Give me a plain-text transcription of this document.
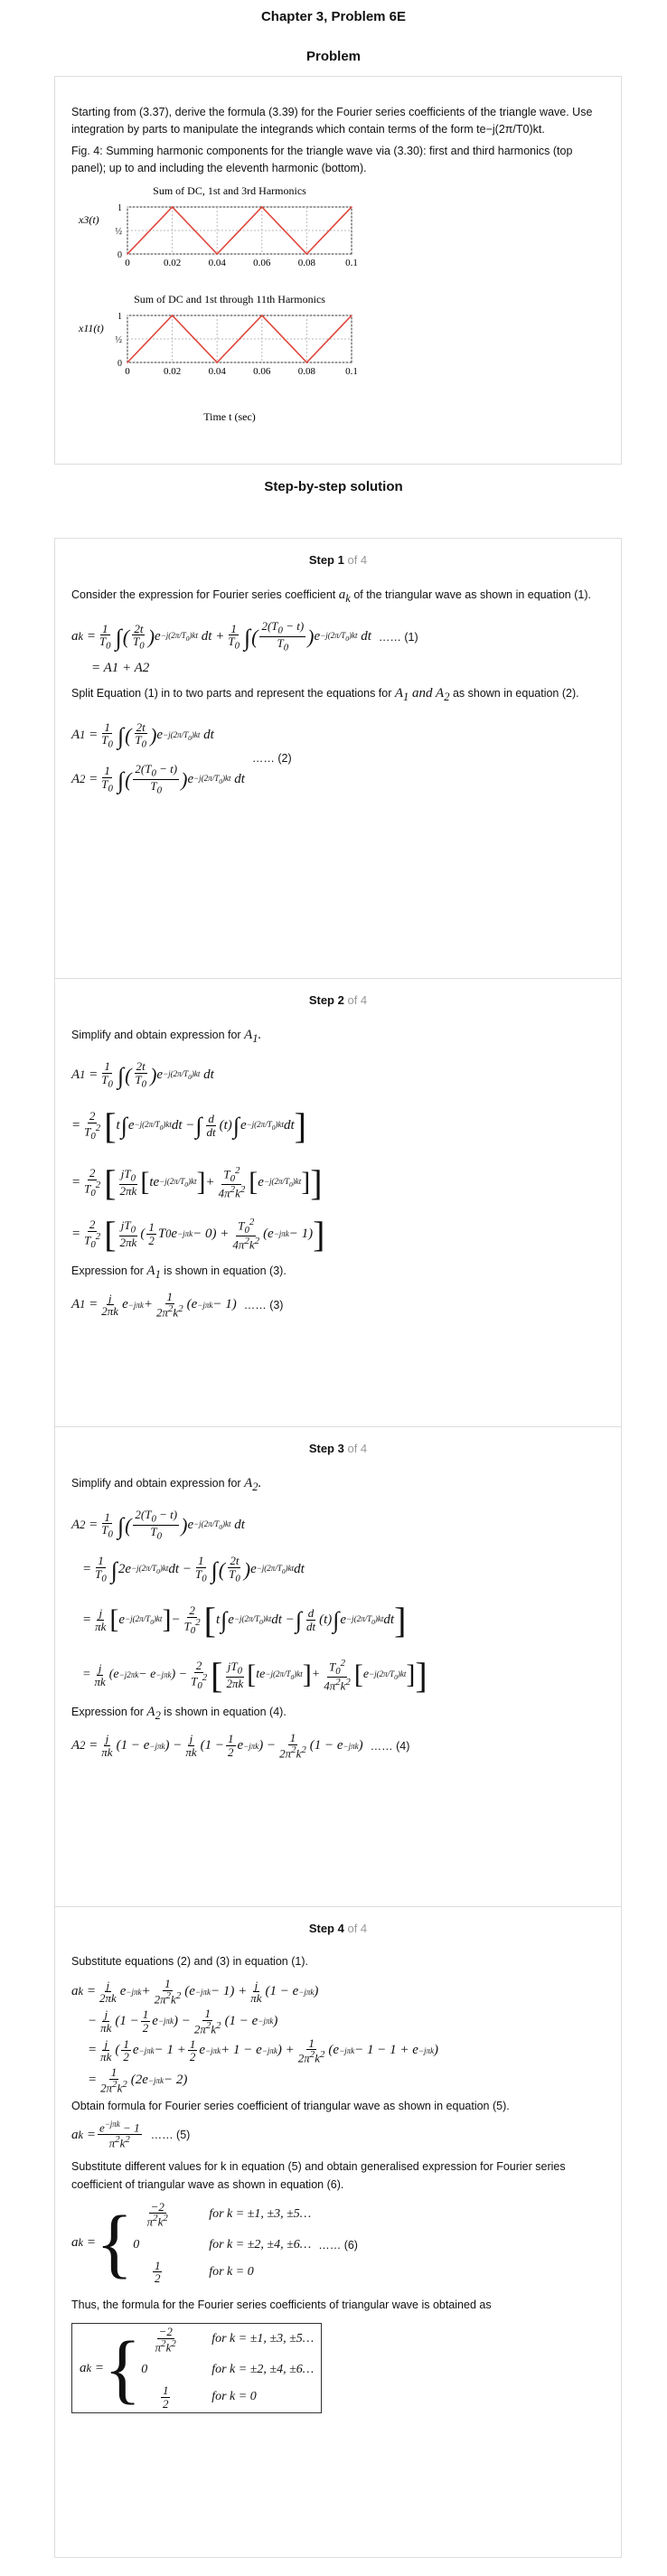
Chapter 3, Problem 6E
Problem

Starting from (3.37), derive the formula (3.39) for the Fourier series coefficients of the triangle wave. Use integration by parts to manipulate the integrands which contain terms of the form te−j(2π/T0)kt.

Fig. 4: Summing harmonic components for the triangle wave via (3.30): first and third harmonics (top panel); up to and including the eleventh harmonic (bottom).

Sum of DC, 1st and 3rd Harmonics
x3(t)
0	0.02	0.04	0.06	0.08	0.1
1
½
0
Sum of DC and 1st through 11th Harmonics
x11(t)
0	0.02	0.04	0.06	0.08	0.1
1
½
0
Time t (sec)
Step-by-step solution
Step 1 of 4

Consider the expression for Fourier series coefficient $a_k$ of the triangular wave as shown in equation (1).

a $k = \frac{1}{T_0}$ ∫ ( $\frac{2t}{T_0}$ ) $e -j(2\pi/T_0)kt$ dt + $\frac{1}{T_0}$ ∫ ( $\frac{2(T_0 - t)}{T_0}$ ) $e -j(2\pi/T_0)kt$ dt …… (1)
= A1 + A2

Split Equation (1) in to two parts and represent the equations for $A_1$ and $A_2$ as shown in equation (2).

A $1 = \frac{1}{T_0}$ ∫ ( $\frac{2t}{T_0}$ ) $e -j(2\pi/T_0)kt$ dt
A $2 = \frac{1}{T_0}$ ∫ ( $\frac{2(T_0 - t)}{T_0}$ ) $e -j(2\pi/T_0)kt$ dt
…… (2)
Step 2 of 4

Simplify and obtain expression for $A_1$.

A $1 = \frac{1}{T_0}$ ∫ ( $\frac{2t}{T_0}$ ) $e -j(2\pi/T_0)kt$ dt
= $\frac{2}{T_0^2}$ [ t ∫ $e -j(2\pi/T_0)kt$ dt − ∫ $\frac{d}{dt} (t)$ ∫ $e -j(2\pi/T_0)kt$ dt ]
= $\frac{2}{T_0^2}$ [ $\frac{jT_0}{2\pi k}$ [ te $-j(2\pi/T_0)kt$ ] + $\frac{T_0^2}{4\pi^2k^2}$ [ $e -j(2\pi/T_0)kt$ ] ]
= $\frac{2}{T_0^2}$ [ $\frac{jT_0}{2\pi k}$ ( $\frac{1}{2}$ T 0 $e -j\pi k - 0) + \frac{T_0^2}{4\pi^2k^2} (e -j\pi k - 1)$ ]

Expression for $A_1$ is shown in equation (3).

A $1 = \frac{j}{2\pi k}$ $e -j\pi k + \frac{1}{2\pi^2k^2} (e -j\pi k - 1)$ …… (3)
Step 3 of 4

Simplify and obtain expression for $A_2$.

A $2 = \frac{1}{T_0}$ ∫ ( $\frac{2(T_0 - t)}{T_0}$ ) $e -j(2\pi/T_0)kt$ dt
= $\frac{1}{T_0}$ ∫ $2e -j(2\pi/T_0)kt$ dt − $\frac{1}{T_0}$ ∫ ( $\frac{2t}{T_0}$ ) $e -j(2\pi/T_0)kt$ dt
= $\frac{j}{\pi k}$ [ $e -j(2\pi/T_0)kt$ ] − $\frac{2}{T_0^2}$ [ t ∫ $e -j(2\pi/T_0)kt$ dt − ∫ $\frac{d}{dt} (t)$ ∫ $e -j(2\pi/T_0)kt$ dt ]
= $\frac{j}{\pi k} (e -j2\pi k - e -j\pi k$ ) − $\frac{2}{T_0^2}$ [ $\frac{jT_0}{2\pi k}$ [ te $-j(2\pi/T_0)kt$ ] + $\frac{T_0^2}{4\pi^2k^2}$ [ $e -j(2\pi/T_0)kt$ ] ]

Expression for $A_2$ is shown in equation (4).

A $2 = \frac{j}{\pi k} (1 - e -j\pi k$ ) − $\frac{j}{\pi k} (1 - \frac{1}{2}$ e −jπk ) − $\frac{1}{2\pi^2k^2} (1 - e -j\pi k$ ) …… (4)
Step 4 of 4

Substitute equations (2) and (3) in equation (1).

a $k = \frac{j}{2\pi k}$ $e -j\pi k + \frac{1}{2\pi^2k^2} (e -j\pi k - 1) + \frac{j}{\pi k} (1 - e -j\pi k$ )
− $\frac{j}{\pi k} (1 - \frac{1}{2}$ e −jπk ) − $\frac{1}{2\pi^2k^2} (1 - e -j\pi k$ )
= $\frac{j}{\pi k}$ ( $\frac{1}{2}$ $e -j\pi k - 1 + \frac{1}{2}$ e −jπk + 1 − e −jπk ) + $\frac{1}{2\pi^2k^2} (e -j\pi k - 1 - 1 + e -j\pi k$ )
= $\frac{1}{2\pi^2k^2} (2e -j\pi k - 2)$

Obtain formula for Fourier series coefficient of triangular wave as shown in equation (5).

a $k = \frac{e^{-j\pi k} - 1}{\pi^2k^2}$ …… (5)

Substitute different values for k in equation (5) and obtain generalised expression for Fourier series coefficient of triangular wave as shown in equation (6).

a k = { $\frac{-2}{\pi^2k^2}$ for k = ±1, ±3, ±5…
0	for k = ±2, ±4, ±6… …… (6)
$\frac{1}{2}$ for k = 0

Thus, the formula for the Fourier series coefficients of triangular wave is obtained as

a k = { $\frac{-2}{\pi^2k^2}$ for k = ±1, ±3, ±5…
0	for k = ±2, ±4, ±6…
$\frac{1}{2}$ for k = 0
